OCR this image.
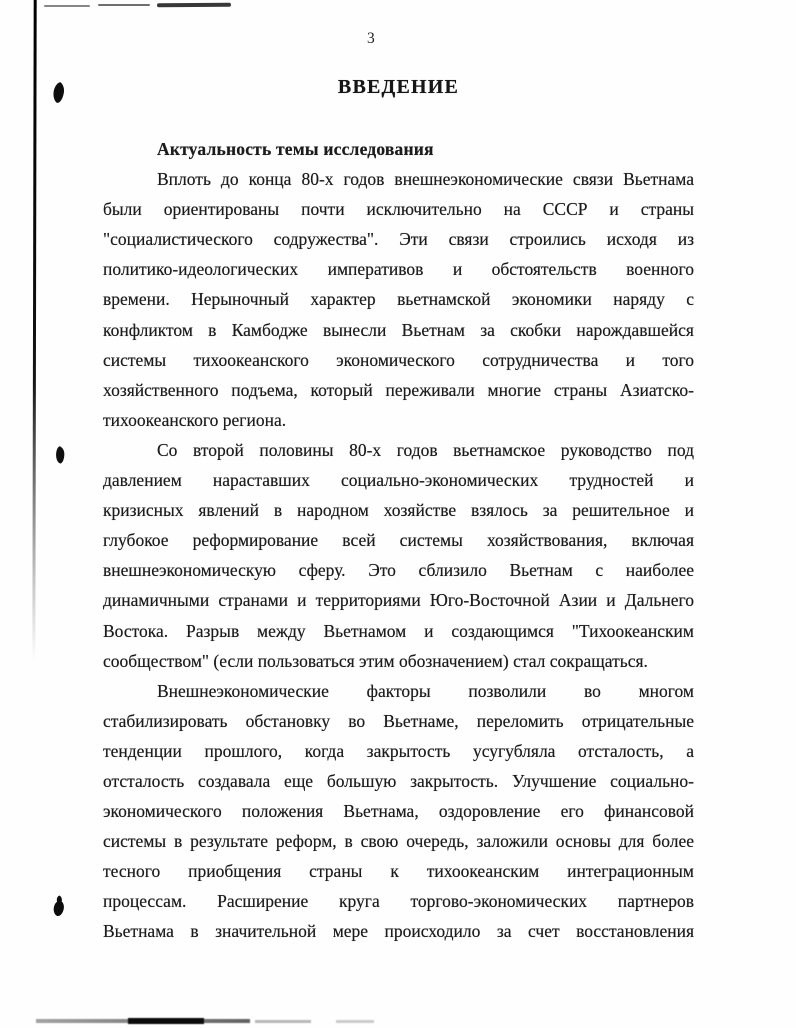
3
ВВЕДЕНИЕ
Актуальность темы исследования
Вплоть до конца 80-х годов внешнеэкономические связи Вьетнама
были ориентированы почти исключительно на СССР и страны
"социалистического содружества". Эти связи строились исходя из
политико-идеологических императивов и обстоятельств военного
времени. Нерыночный характер вьетнамской экономики наряду с
конфликтом в Камбодже вынесли Вьетнам за скобки нарождавшейся
системы тихоокеанского экономического сотрудничества и того
хозяйственного подъема, который переживали многие страны Азиатско-
тихоокеанского региона.
Со второй половины 80-х годов вьетнамское руководство под
давлением нараставших социально-экономических трудностей и
кризисных явлений в народном хозяйстве взялось за решительное и
глубокое реформирование всей системы хозяйствования, включая
внешнеэкономическую сферу. Это сблизило Вьетнам с наиболее
динамичными странами и территориями Юго-Восточной Азии и Дальнего
Востока. Разрыв между Вьетнамом и создающимся "Тихоокеанским
сообществом" (если пользоваться этим обозначением) стал сокращаться.
Внешнеэкономические факторы позволили во многом
стабилизировать обстановку во Вьетнаме, переломить отрицательные
тенденции прошлого, когда закрытость усугубляла отсталость, а
отсталость создавала еще большую закрытость. Улучшение социально-
экономического положения Вьетнама, оздоровление его финансовой
системы в результате реформ, в свою очередь, заложили основы для более
тесного приобщения страны к тихоокеанским интеграционным
процессам. Расширение круга торгово-экономических партнеров
Вьетнама в значительной мере происходило за счет восстановления
